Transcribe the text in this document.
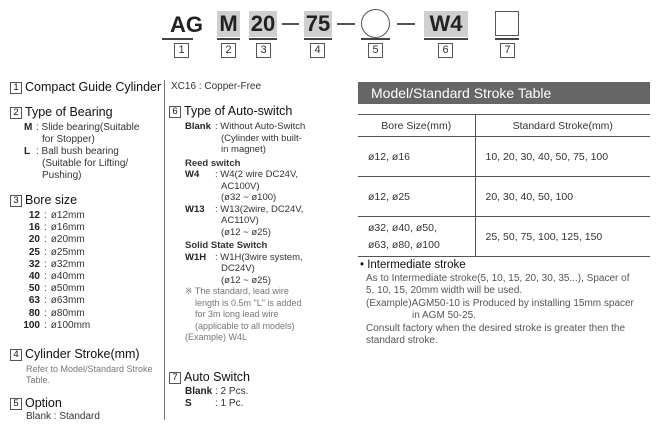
AG M 20 75	W4
1	2	3	4	5	6	7
1 Compact Guide Cylinder
2 Type of Bearing
M : Slide bearing(Suitable
for Stopper)
L : Ball bush bearing
(Suitable for Lifting/
Pushing)
3 Bore size
12 : ø12mm
16 : ø16mm
20 : ø20mm
25 : ø25mm
32 : ø32mm
40 : ø40mm
50 : ø50mm
63 : ø63mm
80 : ø80mm
100 : ø100mm
4 Cylinder Stroke(mm)
Refer to Model/Standard Stroke
Table.
5 Option
Blank : Standard
XC16 : Copper-Free
6 Type of Auto-switch
Blank : Without Auto-Switch
(Cylinder with built-
in magnet)
Reed switch
W4	: W4(2 wire DC24V,
AC100V)
(ø32 ~ ø100)
W13	: W13(2wire, DC24V,
AC110V)
(ø12 ~ ø25)
Solid State Switch
W1H : W1H(3wire system,
DC24V)
(ø12 ~ ø25)
※ The standard, lead wire
length is 0.5m "L" is added
for 3m long lead wire
(applicable to all models)
(Example) W4L
7 Auto Switch
Blank : 2 Pcs.
S	: 1 Pc.
Model/Standard Stroke Table
Bore Size(mm)	Standard Stroke(mm)
ø12, ø16	10, 20, 30, 40, 50, 75, 100
ø12, ø25	20, 30, 40, 50, 100

ø32, ø40, ø50,
ø63, ø80, ø100	25, 50, 75, 100, 125, 150
• Intermediate stroke
As to Intermediate stroke(5, 10, 15, 20, 30, 35...), Spacer of
5, 10, 15, 20mm width will be used.
(Example)AGM50-10 is Produced by installing 15mm spacer
in AGM 50-25.
Consult factory when the desired stroke is greater then the
standard stroke.
